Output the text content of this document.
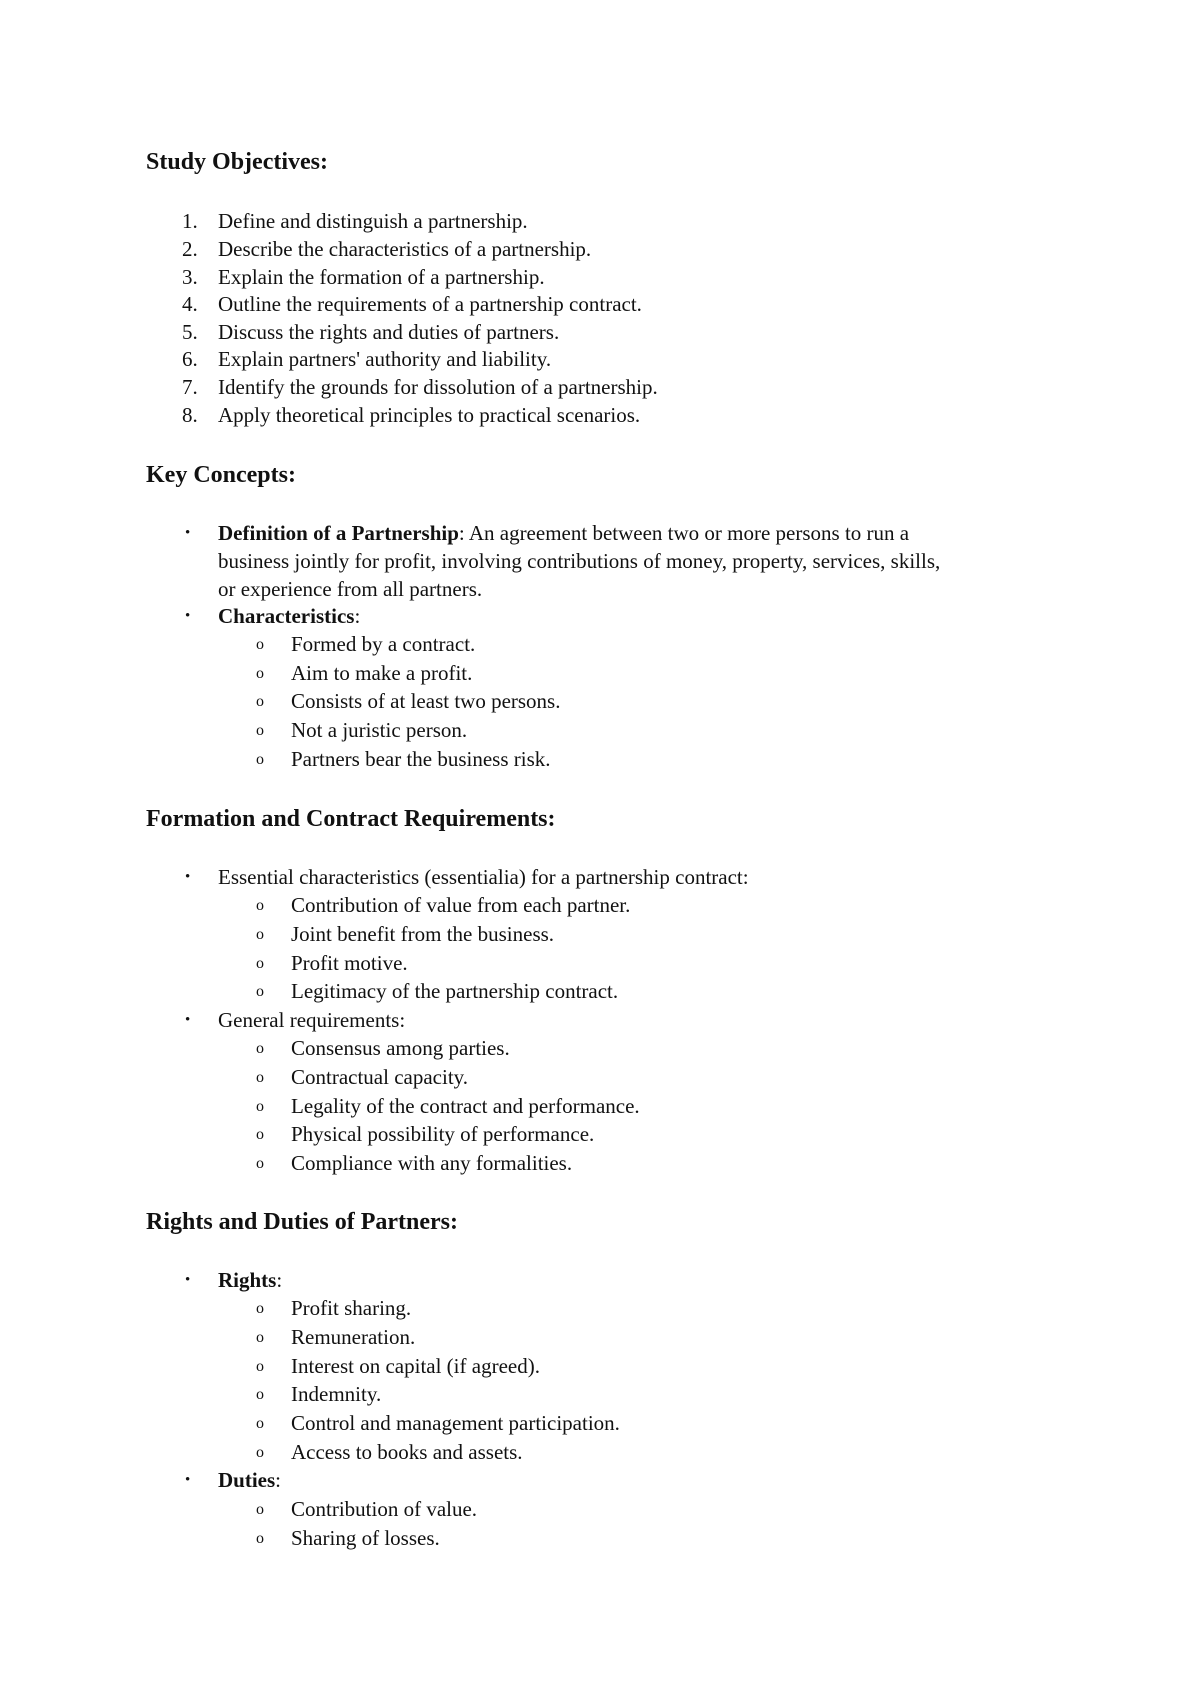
Study Objectives:
1. Define and distinguish a partnership.
2. Describe the characteristics of a partnership.
3. Explain the formation of a partnership.
4. Outline the requirements of a partnership contract.
5. Discuss the rights and duties of partners.
6. Explain partners' authority and liability.
7. Identify the grounds for dissolution of a partnership.
8. Apply theoretical principles to practical scenarios.
Key Concepts:
• Definition of a Partnership: An agreement between two or more persons to run a
business jointly for profit, involving contributions of money, property, services, skills,
or experience from all partners.
• Characteristics:
o Formed by a contract.
o Aim to make a profit.
o Consists of at least two persons.
o Not a juristic person.
o Partners bear the business risk.
Formation and Contract Requirements:
• Essential characteristics (essentialia) for a partnership contract:
o Contribution of value from each partner.
o Joint benefit from the business.
o Profit motive.
o Legitimacy of the partnership contract.
• General requirements:
o Consensus among parties.
o Contractual capacity.
o Legality of the contract and performance.
o Physical possibility of performance.
o Compliance with any formalities.
Rights and Duties of Partners:
• Rights:
o Profit sharing.
o Remuneration.
o Interest on capital (if agreed).
o Indemnity.
o Control and management participation.
o Access to books and assets.
• Duties:
o Contribution of value.
o Sharing of losses.
